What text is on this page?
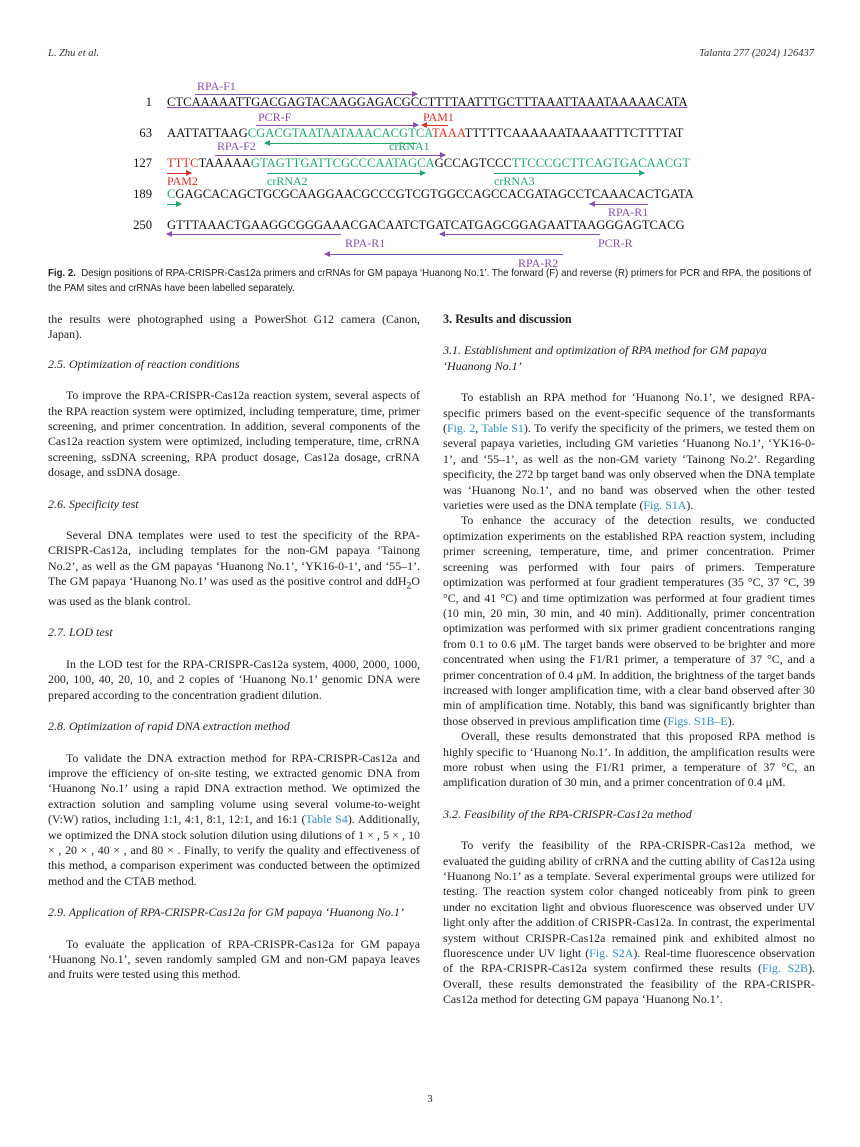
L. Zhu et al.	Talanta 277 (2024) 126437
RPA-F1
1 CTCAAAAATTGACGAGTACAAGGAGACGCCTTTTAATTTGCTTTAAATTAAATAAAAACATA
PCR-F	PAM1
63 AATTATTAAGCGACGTAATAATAAACACGTCATAAATTTTTCAAAAAATAAAATTTCTTTTAT
RPA-F2	crRNA1
127 TTTCTAAAAAGTAGTTGATTCGCCCAATAGCAGCCAGTCCCTTCCCGCTTCAGTGACAACGT
PAM2	crRNA2	crRNA3
189 CGAGCACAGCTGCGCAAGGAACGCCCGTCGTGGCCAGCCACGATAGCCTCAAACACTGATA
RPA-R1
250 GTTTAAACTGAAGGCGGGAAACGACAATCTGATCATGAGCGGAGAATTAAGGGAGTCACG
RPA-R1	PCR-R
RPA-R2
Fig. 2. Design positions of RPA-CRISPR-Cas12a primers and crRNAs for GM papaya ‘Huanong No.1’. The forward (F) and reverse (R) primers for PCR and RPA, the positions of the PAM sites and crRNAs have been labelled separately.

the results were photographed using a PowerShot G12 camera (Canon, Japan).

2.5. Optimization of reaction conditions

To improve the RPA-CRISPR-Cas12a reaction system, several aspects of the RPA reaction system were optimized, including temperature, time, primer screening, and primer concentration. In addition, several components of the Cas12a reaction system were optimized, including temperature, time, crRNA screening, ssDNA screening, RPA product dosage, Cas12a dosage, crRNA dosage, and ssDNA dosage.

2.6. Specificity test

Several DNA templates were used to test the specificity of the RPA-CRISPR-Cas12a, including templates for the non-GM papaya ‘Tainong No.2’, as well as the GM papayas ‘Huanong No.1’, ‘YK16-0-1’, and ‘55–1’. The GM papaya ‘Huanong No.1’ was used as the positive control and ddH$_2$O was used as the blank control.

2.7. LOD test

In the LOD test for the RPA-CRISPR-Cas12a system, 4000, 2000, 1000, 200, 100, 40, 20, 10, and 2 copies of ‘Huanong No.1’ genomic DNA were prepared according to the concentration gradient dilution.

2.8. Optimization of rapid DNA extraction method

To validate the DNA extraction method for RPA-CRISPR-Cas12a and improve the efficiency of on-site testing, we extracted genomic DNA from ‘Huanong No.1’ using a rapid DNA extraction method. We optimized the extraction solution and sampling volume using several volume-to-weight (V:W) ratios, including 1:1, 4:1, 8:1, 12:1, and 16:1 (Table S4). Additionally, we optimized the DNA stock solution dilution using dilutions of 1 × , 5 × , 10 × , 20 × , 40 × , and 80 × . Finally, to verify the quality and effectiveness of this method, a comparison experiment was conducted between the optimized method and the CTAB method.

2.9. Application of RPA-CRISPR-Cas12a for GM papaya ‘Huanong No.1’

To evaluate the application of RPA-CRISPR-Cas12a for GM papaya ‘Huanong No.1’, seven randomly sampled GM and non-GM papaya leaves and fruits were tested using this method.

3. Results and discussion
3.1. Establishment and optimization of RPA method for GM papaya ‘Huanong No.1’

To establish an RPA method for ‘Huanong No.1’, we designed RPA-specific primers based on the event-specific sequence of the transformants (Fig. 2, Table S1). To verify the specificity of the primers, we tested them on several papaya varieties, including GM varieties ‘Huanong No.1’, ‘YK16-0-1’, and ‘55–1’, as well as the non-GM variety ‘Tainong No.2’. Regarding specificity, the 272 bp target band was only observed when the DNA template was ‘Huanong No.1’, and no band was observed when the other tested varieties were used as the DNA template (Fig. S1A).

To enhance the accuracy of the detection results, we conducted optimization experiments on the established RPA reaction system, including primer screening, temperature, time, and primer concentration. Primer screening was performed with four pairs of primers. Temperature optimization was performed at four gradient temperatures (35 °C, 37 °C, 39 °C, and 41 °C) and time optimization was performed at four gradient times (10 min, 20 min, 30 min, and 40 min). Additionally, primer concentration optimization was performed with six primer gradient concentrations ranging from 0.1 to 0.6 μM. The target bands were observed to be brighter and more concentrated when using the F1/R1 primer, a temperature of 37 °C, and a primer concentration of 0.4 μM. In addition, the brightness of the target bands increased with longer amplification time, with a clear band observed after 30 min of amplification time. Notably, this band was significantly brighter than those observed in previous amplification time (Figs. S1B–E).

Overall, these results demonstrated that this proposed RPA method is highly specific to ‘Huanong No.1’. In addition, the amplification results were more robust when using the F1/R1 primer, a temperature of 37 °C, an amplification duration of 30 min, and a primer concentration of 0.4 μM.

3.2. Feasibility of the RPA-CRISPR-Cas12a method

To verify the feasibility of the RPA-CRISPR-Cas12a method, we evaluated the guiding ability of crRNA and the cutting ability of Cas12a using ‘Huanong No.1’ as a template. Several experimental groups were utilized for testing. The reaction system color changed noticeably from pink to green under no excitation light and obvious fluorescence was observed under UV light only after the addition of CRISPR-Cas12a. In contrast, the experimental system without CRISPR-Cas12a remained pink and exhibited almost no fluorescence under UV light (Fig. S2A). Real-time fluorescence observation of the RPA-CRISPR-Cas12a system confirmed these results (Fig. S2B). Overall, these results demonstrated the feasibility of the RPA-CRISPR-Cas12a method for detecting GM papaya ‘Huanong No.1’.

3
